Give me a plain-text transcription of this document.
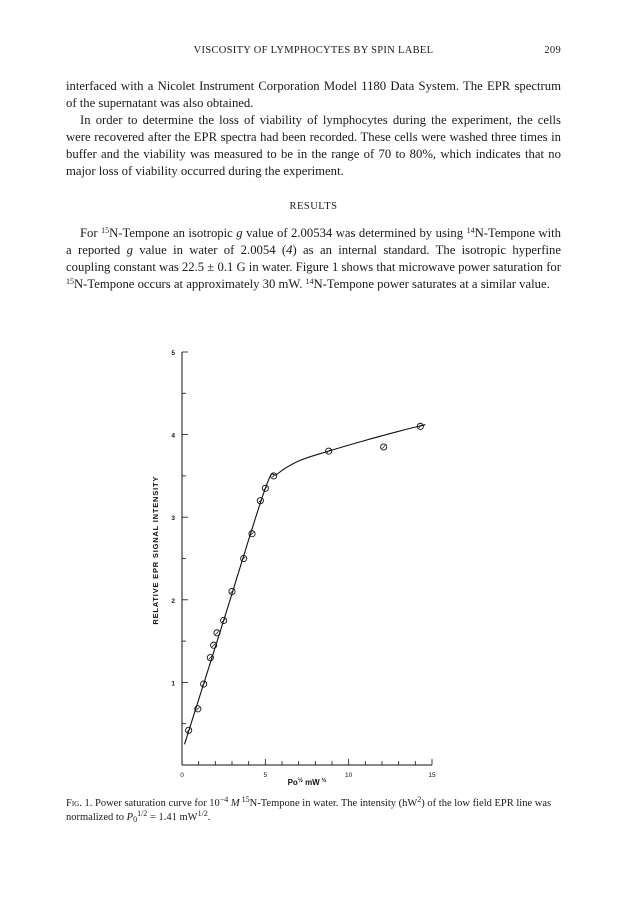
VISCOSITY OF LYMPHOCYTES BY SPIN LABEL	209

interfaced with a Nicolet Instrument Corporation Model 1180 Data System. The EPR spectrum of the supernatant was also obtained.

In order to determine the loss of viability of lymphocytes during the experiment, the cells were recovered after the EPR spectra had been recorded. These cells were washed three times in buffer and the viability was measured to be in the range of 70 to 80%, which indicates that no major loss of viability occurred during the experiment.

RESULTS

For $^{15}$N-Tempone an isotropic g value of 2.00534 was determined by using $^{14}$N-Tempone with a reported g value in water of 2.0054 (4) as an internal standard. The isotropic hyperfine coupling constant was 22.5 ± 0.1 G in water. Figure 1 shows that microwave power saturation for $^{15}$N-Tempone occurs at approximately 30 mW. $^{14}$N-Tempone power saturates at a similar value.

1
2
3
4
5
0	5	10	15
RELATIVE EPR SIGNAL INTENSITY
$Po^{\frac{1}{2}}$ mW $^{\frac{1}{2}}$
Fig. 1. Power saturation curve for $10^{-4}$ M $^{15}$N-Tempone in water. The intensity $(hW^2)$ of the low field EPR line was normalized to $P_0^{1/2} = 1.41$ $mW^{1/2}$.
